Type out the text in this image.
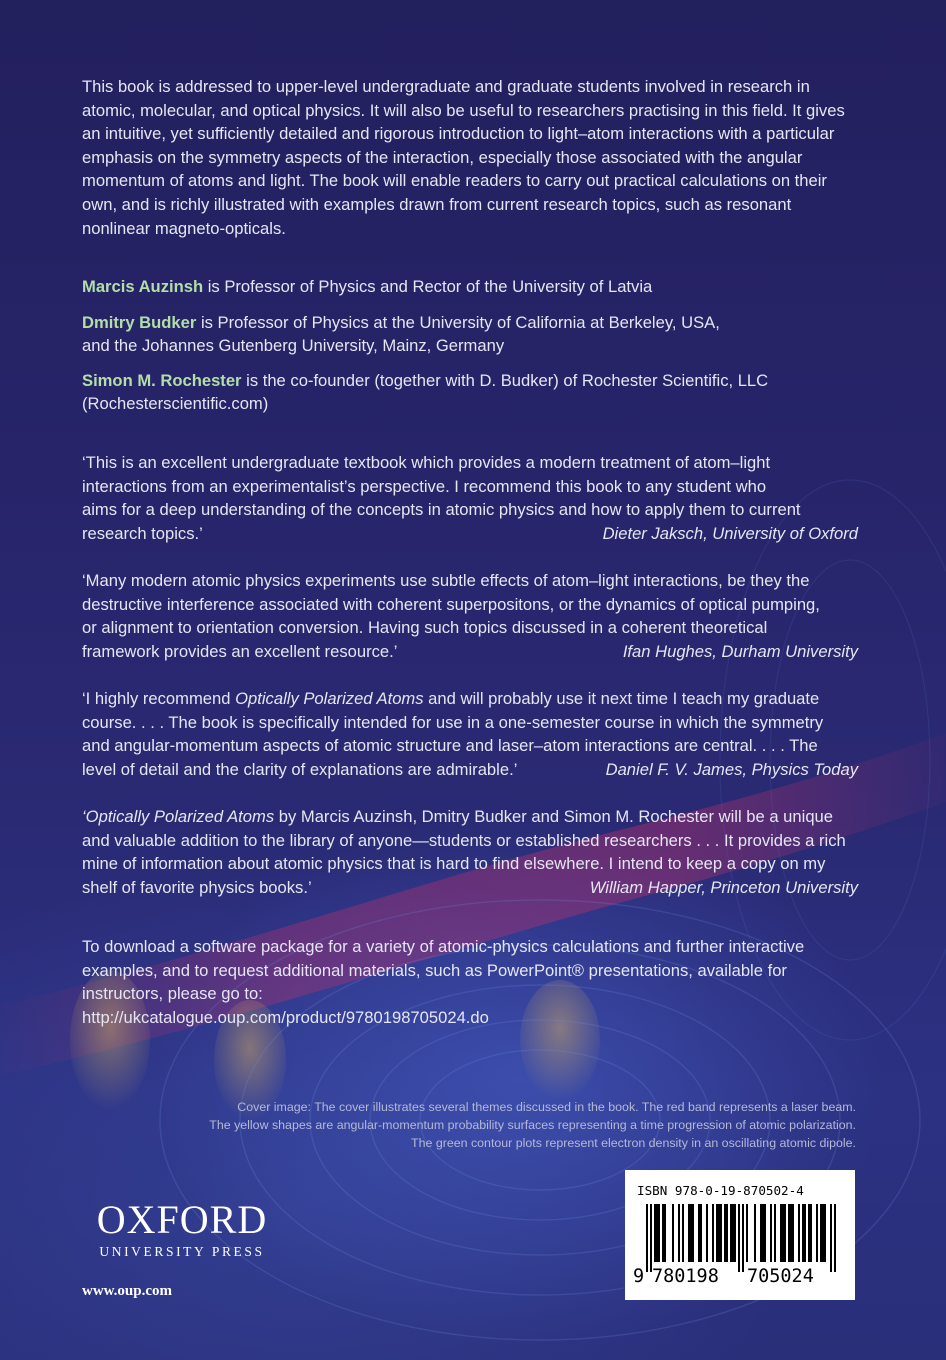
This book is addressed to upper-level undergraduate and graduate students involved in research in
atomic, molecular, and optical physics. It will also be useful to researchers practising in this field. It gives
an intuitive, yet sufficiently detailed and rigorous introduction to light–atom interactions with a particular
emphasis on the symmetry aspects of the interaction, especially those associated with the angular
momentum of atoms and light. The book will enable readers to carry out practical calculations on their
own, and is richly illustrated with examples drawn from current research topics, such as resonant
nonlinear magneto-opticals.
Marcis Auzinsh is Professor of Physics and Rector of the University of Latvia
Dmitry Budker is Professor of Physics at the University of California at Berkeley, USA,
and the Johannes Gutenberg University, Mainz, Germany
Simon M. Rochester is the co-founder (together with D. Budker) of Rochester Scientific, LLC
(Rochesterscientific.com)
‘This is an excellent undergraduate textbook which provides a modern treatment of atom–light
interactions from an experimentalist’s perspective. I recommend this book to any student who
aims for a deep understanding of the concepts in atomic physics and how to apply them to current
research topics.’	Dieter Jaksch, University of Oxford
‘Many modern atomic physics experiments use subtle effects of atom–light interactions, be they the
destructive interference associated with coherent superpositons, or the dynamics of optical pumping,
or alignment to orientation conversion. Having such topics discussed in a coherent theoretical
framework provides an excellent resource.’	Ifan Hughes, Durham University
‘I highly recommend Optically Polarized Atoms and will probably use it next time I teach my graduate
course. . . . The book is specifically intended for use in a one-semester course in which the symmetry
and angular-momentum aspects of atomic structure and laser–atom interactions are central. . . . The
level of detail and the clarity of explanations are admirable.’	Daniel F. V. James, Physics Today
‘Optically Polarized Atoms by Marcis Auzinsh, Dmitry Budker and Simon M. Rochester will be a unique
and valuable addition to the library of anyone—students or established researchers . . . It provides a rich
mine of information about atomic physics that is hard to find elsewhere. I intend to keep a copy on my
shelf of favorite physics books.’	William Happer, Princeton University
To download a software package for a variety of atomic-physics calculations and further interactive
examples, and to request additional materials, such as PowerPoint® presentations, available for
instructors, please go to:
http://ukcatalogue.oup.com/product/9780198705024.do
Cover image: The cover illustrates several themes discussed in the book. The red band represents a laser beam.
The yellow shapes are angular-momentum probability surfaces representing a time progression of atomic polarization.
The green contour plots represent electron density in an oscillating atomic dipole.
OXFORD
UNIVERSITY PRESS
www.oup.com
ISBN 978-0-19-870502-4
9 780198 705024
